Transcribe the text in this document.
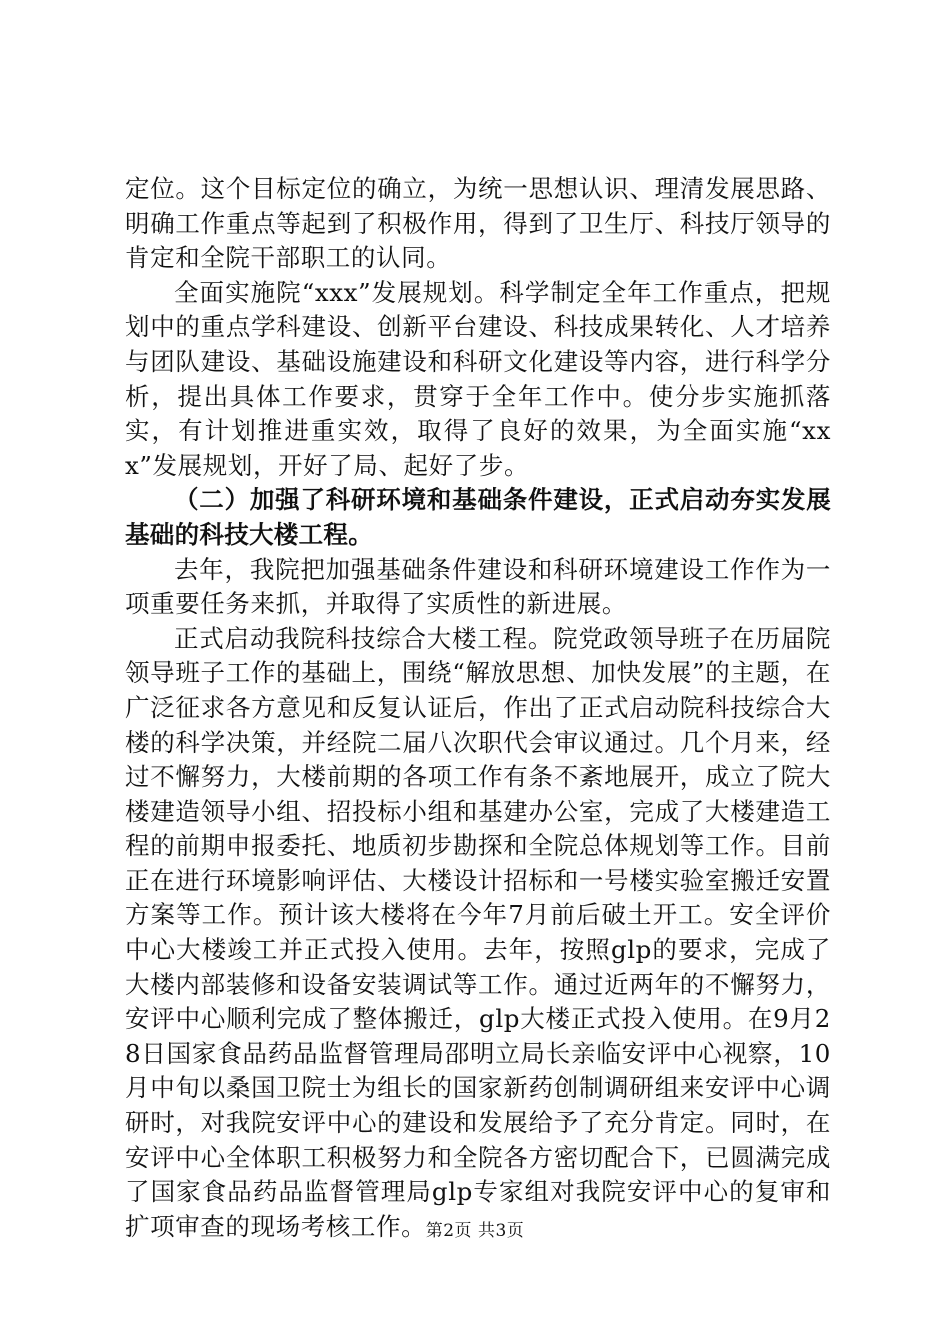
定位。这个目标定位的确立，为统一思想认识、理清发展思路、明确工作重点等起到了积极作用，得到了卫生厅、科技厅领导的肯定和全院干部职工的认同。

全面实施院“xxx”发展规划。科学制定全年工作重点，把规划中的重点学科建设、创新平台建设、科技成果转化、人才培养与团队建设、基础设施建设和科研文化建设等内容，进行科学分析，提出具体工作要求，贯穿于全年工作中。使分步实施抓落实，有计划推进重实效，取得了良好的效果，为全面实施“xxx”发展规划，开好了局、起好了步。

（二）加强了科研环境和基础条件建设，正式启动夯实发展基础的科技大楼工程。

去年，我院把加强基础条件建设和科研环境建设工作作为一项重要任务来抓，并取得了实质性的新进展。

正式启动我院科技综合大楼工程。院党政领导班子在历届院领导班子工作的基础上，围绕“解放思想、加快发展”的主题，在广泛征求各方意见和反复认证后，作出了正式启动院科技综合大楼的科学决策，并经院二届八次职代会审议通过。几个月来，经过不懈努力，大楼前期的各项工作有条不紊地展开，成立了院大楼建造领导小组、招投标小组和基建办公室，完成了大楼建造工程的前期申报委托、地质初步勘探和全院总体规划等工作。目前正在进行环境影响评估、大楼设计招标和一号楼实验室搬迁安置方案等工作。预计该大楼将在今年7月前后破土开工。安全评价中心大楼竣工并正式投入使用。去年，按照glp的要求，完成了大楼内部装修和设备安装调试等工作。通过近两年的不懈努力，安评中心顺利完成了整体搬迁，glp大楼正式投入使用。在9月28日国家食品药品监督管理局邵明立局长亲临安评中心视察，10月中旬以桑国卫院士为组长的国家新药创制调研组来安评中心调研时，对我院安评中心的建设和发展给予了充分肯定。同时，在安评中心全体职工积极努力和全院各方密切配合下，已圆满完成了国家食品药品监督管理局glp专家组对我院安评中心的复审和扩项审查的现场考核工作。 第2页 共3页
